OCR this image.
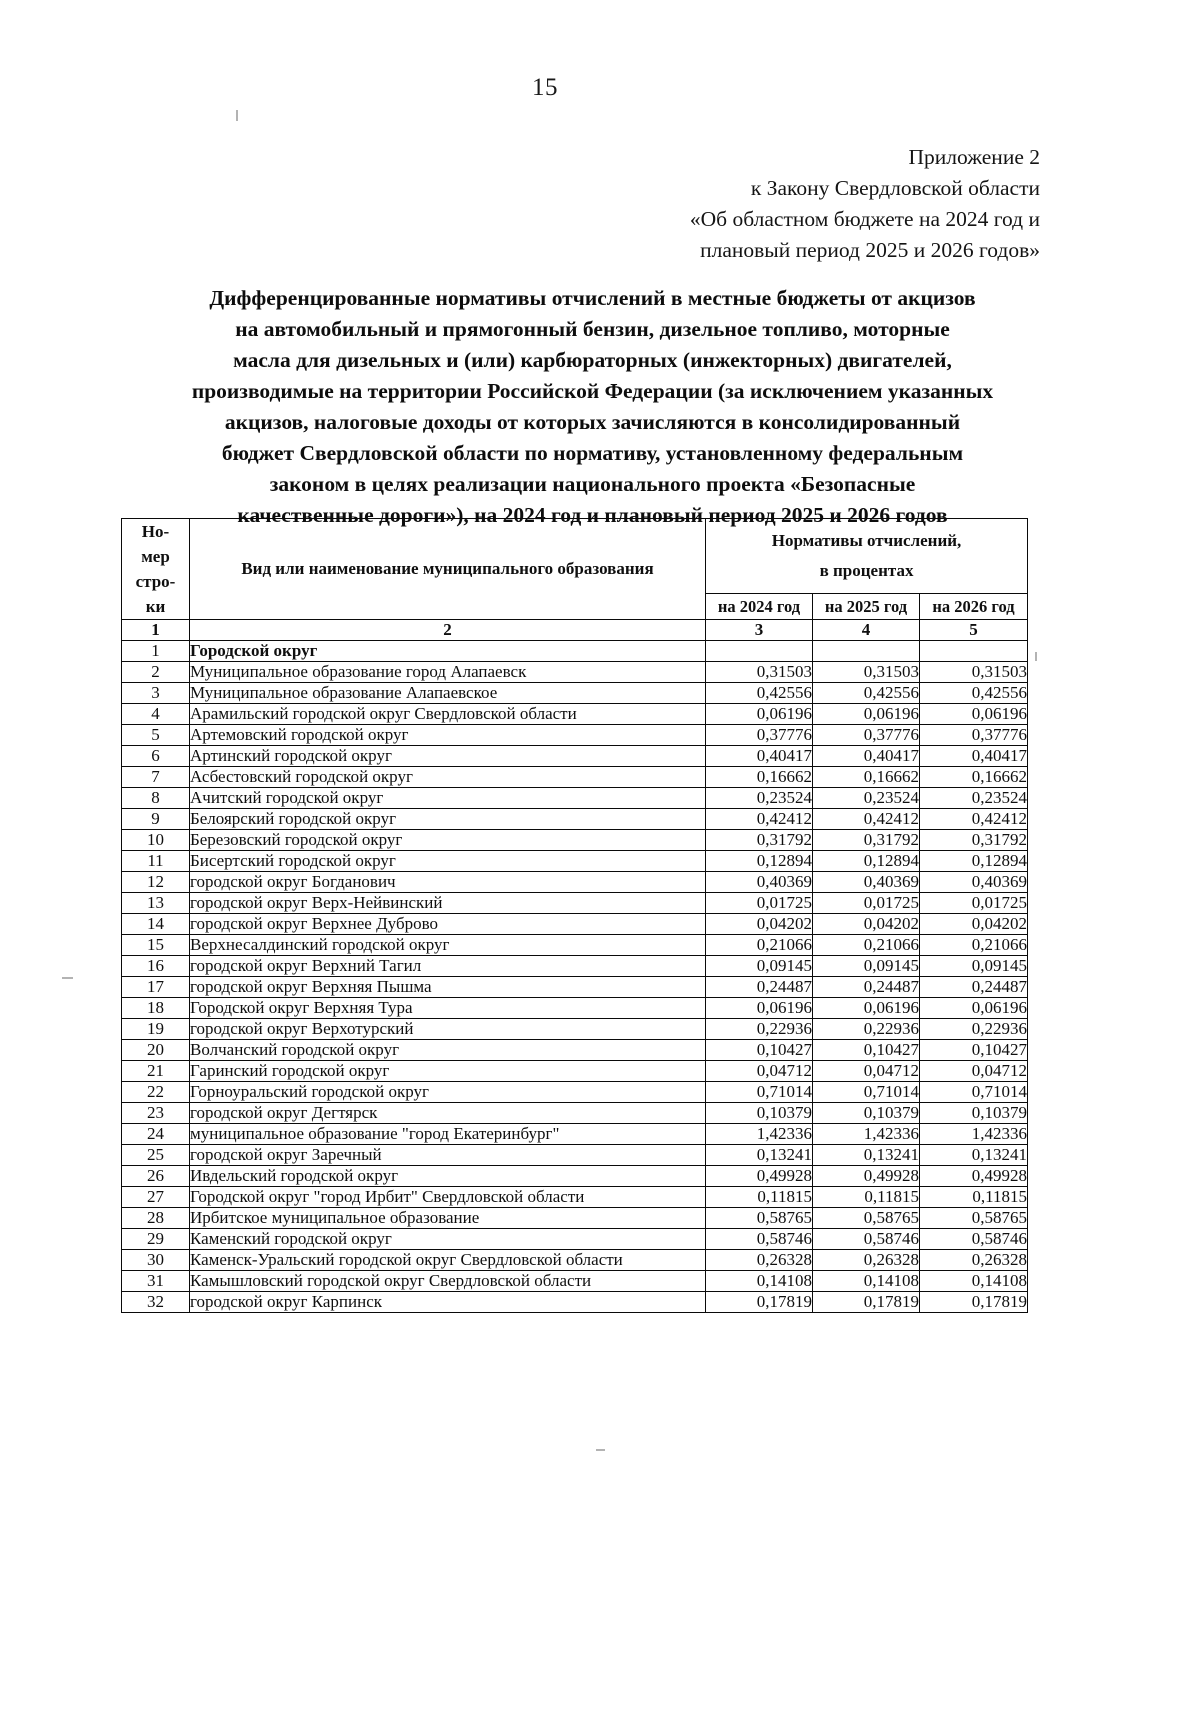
15
Приложение 2
к Закону Свердловской области
«Об областном бюджете на 2024 год и
плановый период 2025 и 2026 годов»

Дифференцированные нормативы отчислений в местные бюджеты от акцизов

на автомобильный и прямогонный бензин, дизельное топливо, моторные

масла для дизельных и (или) карбюраторных (инжекторных) двигателей,

производимые на территории Российской Федерации (за исключением указанных

акцизов, налоговые доходы от которых зачисляются в консолидированный

бюджет Свердловской области по нормативу, установленному федеральным

законом в целях реализации национального проекта «Безопасные

качественные дороги»), на 2024 год и плановый период 2025 и 2026 годов

Но-
мер
стро-
ки
	Вид или наименование муниципального образования	
Нормативы отчислений,
в процентах

		на 2024 год	на 2025 год	на 2026 год
1	2	3	4	5
1	Городской округ			
2	Муниципальное образование город Алапаевск	0,31503	0,31503	0,31503
3	Муниципальное образование Алапаевское	0,42556	0,42556	0,42556
4	Арамильский городской округ Свердловской области	0,06196	0,06196	0,06196
5	Артемовский городской округ	0,37776	0,37776	0,37776
6	Артинский городской округ	0,40417	0,40417	0,40417
7	Асбестовский городской округ	0,16662	0,16662	0,16662
8	Ачитский городской округ	0,23524	0,23524	0,23524
9	Белоярский городской округ	0,42412	0,42412	0,42412
10	Березовский городской округ	0,31792	0,31792	0,31792
11	Бисертский городской округ	0,12894	0,12894	0,12894
12	городской округ Богданович	0,40369	0,40369	0,40369
13	городской округ Верх-Нейвинский	0,01725	0,01725	0,01725
14	городской округ Верхнее Дуброво	0,04202	0,04202	0,04202
15	Верхнесалдинский городской округ	0,21066	0,21066	0,21066
16	городской округ Верхний Тагил	0,09145	0,09145	0,09145
17	городской округ Верхняя Пышма	0,24487	0,24487	0,24487
18	Городской округ Верхняя Тура	0,06196	0,06196	0,06196
19	городской округ Верхотурский	0,22936	0,22936	0,22936
20	Волчанский городской округ	0,10427	0,10427	0,10427
21	Гаринский городской округ	0,04712	0,04712	0,04712
22	Горноуральский городской округ	0,71014	0,71014	0,71014
23	городской округ Дегтярск	0,10379	0,10379	0,10379
24	муниципальное образование "город Екатеринбург"	1,42336	1,42336	1,42336
25	городской округ Заречный	0,13241	0,13241	0,13241
26	Ивдельский городской округ	0,49928	0,49928	0,49928
27	Городской округ "город Ирбит" Свердловской области	0,11815	0,11815	0,11815
28	Ирбитское муниципальное образование	0,58765	0,58765	0,58765
29	Каменский городской округ	0,58746	0,58746	0,58746
30	Каменск-Уральский городской округ Свердловской области	0,26328	0,26328	0,26328
31	Камышловский городской округ Свердловской области	0,14108	0,14108	0,14108
32	городской округ Карпинск	0,17819	0,17819	0,17819
